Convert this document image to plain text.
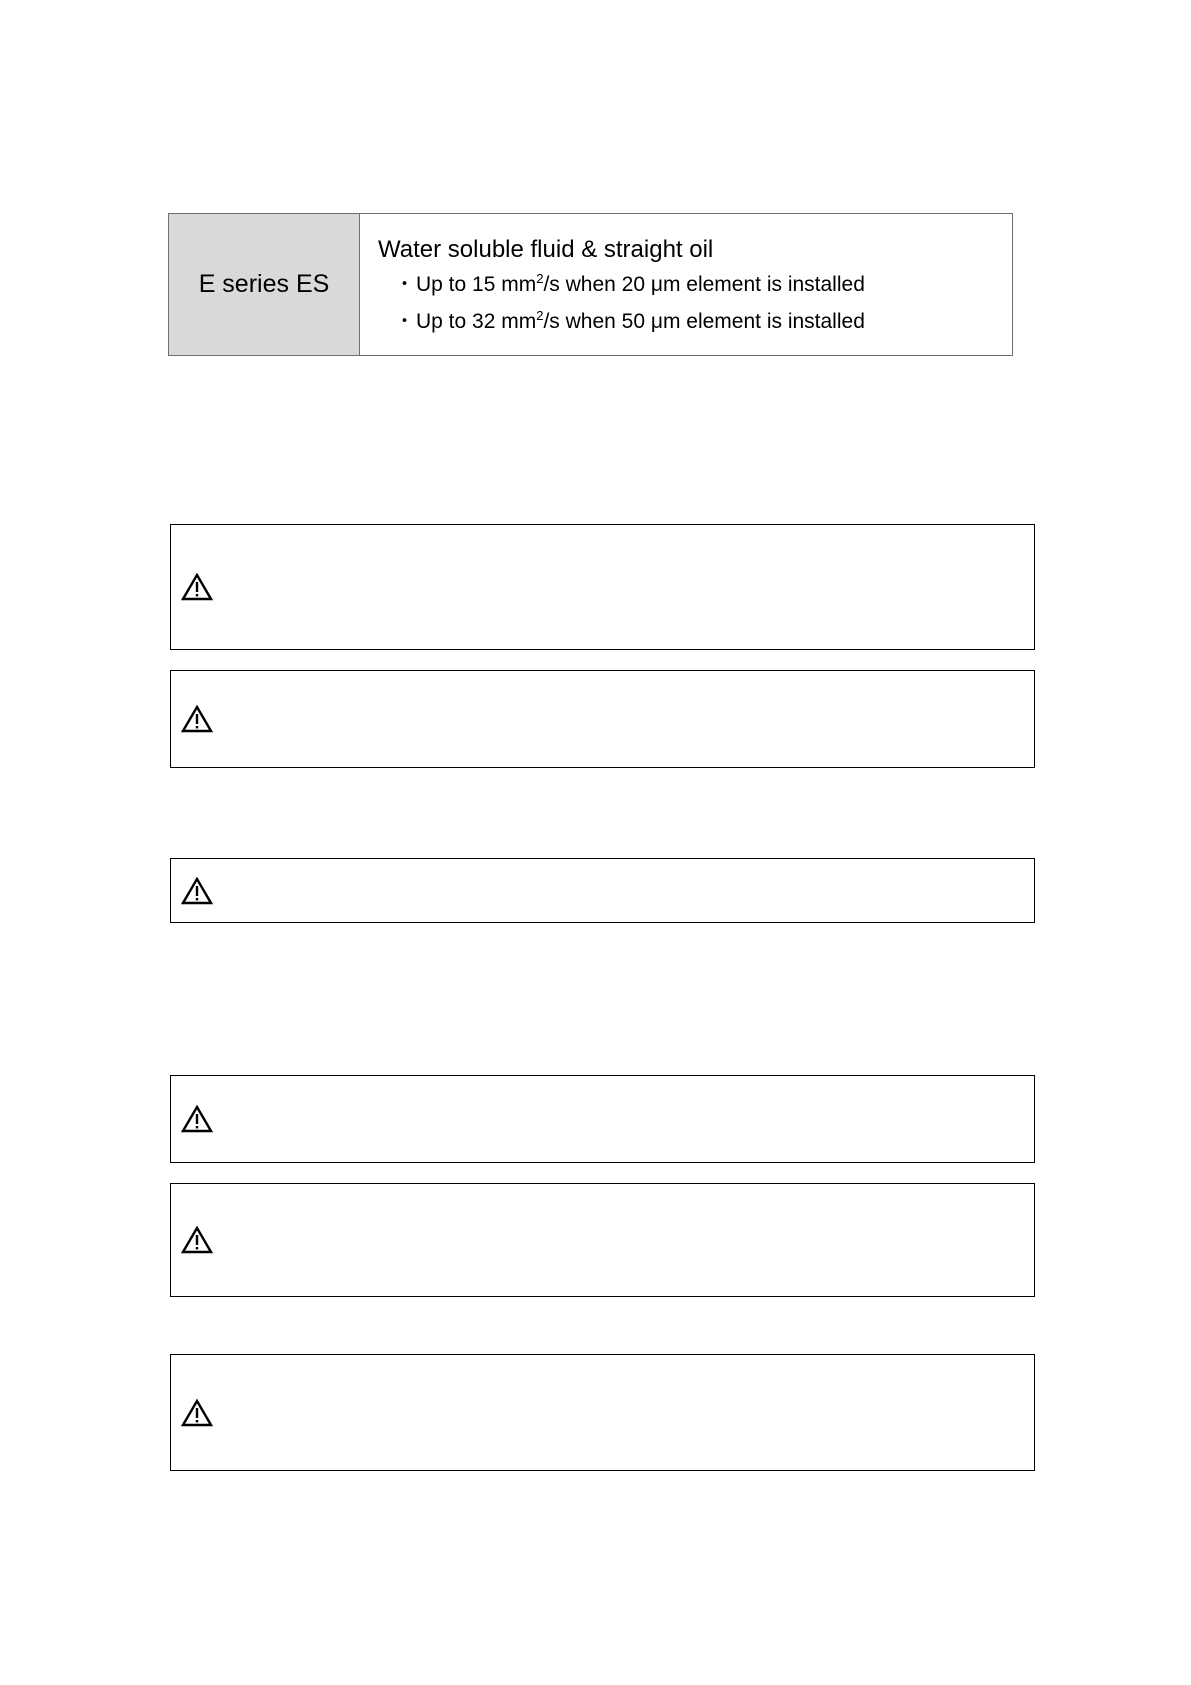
E series ES
Water soluble fluid & straight oil
・Up to 15 $mm^2/s$ when 20 μm element is installed
・Up to 32 $mm^2/s$ when 50 μm element is installed
